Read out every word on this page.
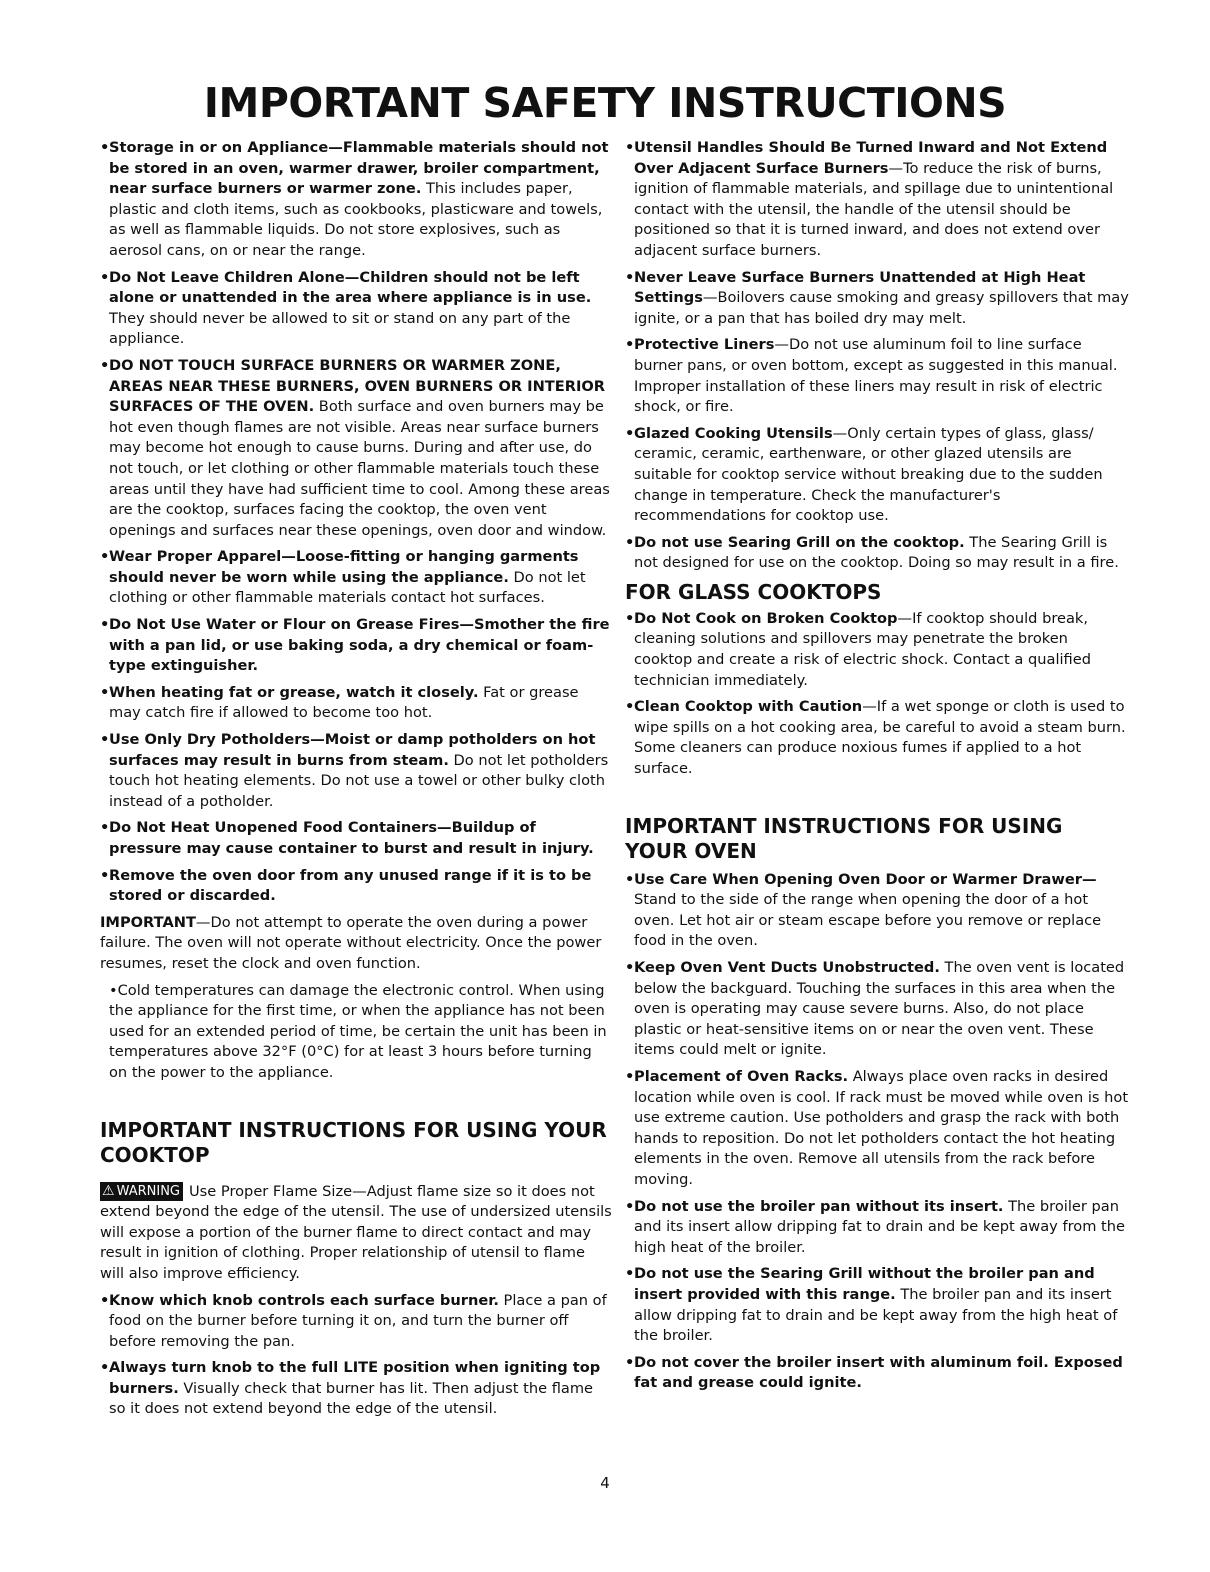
IMPORTANT SAFETY INSTRUCTIONS
• Storage in or on Appliance—Flammable materials should not be stored in an oven, warmer drawer, broiler compartment, near surface burners or warmer zone. This includes paper, plastic and cloth items, such as cookbooks, plasticware and towels, as well as flammable liquids. Do not store explosives, such as aerosol cans, on or near the range.
• Do Not Leave Children Alone—Children should not be left alone or unattended in the area where appliance is in use. They should never be allowed to sit or stand on any part of the appliance.
• DO NOT TOUCH SURFACE BURNERS OR WARMER ZONE, AREAS NEAR THESE BURNERS, OVEN BURNERS OR INTERIOR SURFACES OF THE OVEN. Both surface and oven burners may be hot even though flames are not visible. Areas near surface burners may become hot enough to cause burns. During and after use, do not touch, or let clothing or other flammable materials touch these areas until they have had sufficient time to cool. Among these areas are the cooktop, surfaces facing the cooktop, the oven vent openings and surfaces near these openings, oven door and window.
• Wear Proper Apparel—Loose-fitting or hanging garments should never be worn while using the appliance. Do not let clothing or other flammable materials contact hot surfaces.
• Do Not Use Water or Flour on Grease Fires—Smother the fire with a pan lid, or use baking soda, a dry chemical or foam-type extinguisher.
• When heating fat or grease, watch it closely. Fat or grease may catch fire if allowed to become too hot.
• Use Only Dry Potholders—Moist or damp potholders on hot surfaces may result in burns from steam. Do not let potholders touch hot heating elements. Do not use a towel or other bulky cloth instead of a potholder.
• Do Not Heat Unopened Food Containers—Buildup of pressure may cause container to burst and result in injury.
• Remove the oven door from any unused range if it is to be stored or discarded.

IMPORTANT—Do not attempt to operate the oven during a power failure. The oven will not operate without electricity. Once the power resumes, reset the clock and oven function.

•Cold temperatures can damage the electronic control. When using the appliance for the first time, or when the appliance has not been used for an extended period of time, be certain the unit has been in temperatures above 32°F (0°C) for at least 3 hours before turning on the power to the appliance.
IMPORTANT INSTRUCTIONS FOR USING YOUR COOKTOP

⚠ WARNING Use Proper Flame Size—Adjust flame size so it does not extend beyond the edge of the utensil. The use of undersized utensils will expose a portion of the burner flame to direct contact and may result in ignition of clothing. Proper relationship of utensil to flame will also improve efficiency.

• Know which knob controls each surface burner. Place a pan of food on the burner before turning it on, and turn the burner off before removing the pan.
• Always turn knob to the full LITE position when igniting top burners. Visually check that burner has lit. Then adjust the flame so it does not extend beyond the edge of the utensil.
• Utensil Handles Should Be Turned Inward and Not Extend Over Adjacent Surface Burners—To reduce the risk of burns, ignition of flammable materials, and spillage due to unintentional contact with the utensil, the handle of the utensil should be positioned so that it is turned inward, and does not extend over adjacent surface burners.
• Never Leave Surface Burners Unattended at High Heat Settings—Boilovers cause smoking and greasy spillovers that may ignite, or a pan that has boiled dry may melt.
• Protective Liners—Do not use aluminum foil to line surface burner pans, or oven bottom, except as suggested in this manual. Improper installation of these liners may result in risk of electric shock, or fire.
• Glazed Cooking Utensils—Only certain types of glass, glass/ ceramic, ceramic, earthenware, or other glazed utensils are suitable for cooktop service without breaking due to the sudden change in temperature. Check the manufacturer's recommendations for cooktop use.
• Do not use Searing Grill on the cooktop. The Searing Grill is not designed for use on the cooktop. Doing so may result in a fire.
FOR GLASS COOKTOPS
• Do Not Cook on Broken Cooktop—If cooktop should break, cleaning solutions and spillovers may penetrate the broken cooktop and create a risk of electric shock. Contact a qualified technician immediately.
• Clean Cooktop with Caution—If a wet sponge or cloth is used to wipe spills on a hot cooking area, be careful to avoid a steam burn. Some cleaners can produce noxious fumes if applied to a hot surface.
IMPORTANT INSTRUCTIONS FOR USING YOUR OVEN
• Use Care When Opening Oven Door or Warmer Drawer— Stand to the side of the range when opening the door of a hot oven. Let hot air or steam escape before you remove or replace food in the oven.
• Keep Oven Vent Ducts Unobstructed. The oven vent is located below the backguard. Touching the surfaces in this area when the oven is operating may cause severe burns. Also, do not place plastic or heat-sensitive items on or near the oven vent. These items could melt or ignite.
• Placement of Oven Racks. Always place oven racks in desired location while oven is cool. If rack must be moved while oven is hot use extreme caution. Use potholders and grasp the rack with both hands to reposition. Do not let potholders contact the hot heating elements in the oven. Remove all utensils from the rack before moving.
• Do not use the broiler pan without its insert. The broiler pan and its insert allow dripping fat to drain and be kept away from the high heat of the broiler.
• Do not use the Searing Grill without the broiler pan and insert provided with this range. The broiler pan and its insert allow dripping fat to drain and be kept away from the high heat of the broiler.
• Do not cover the broiler insert with aluminum foil. Exposed fat and grease could ignite.
4
